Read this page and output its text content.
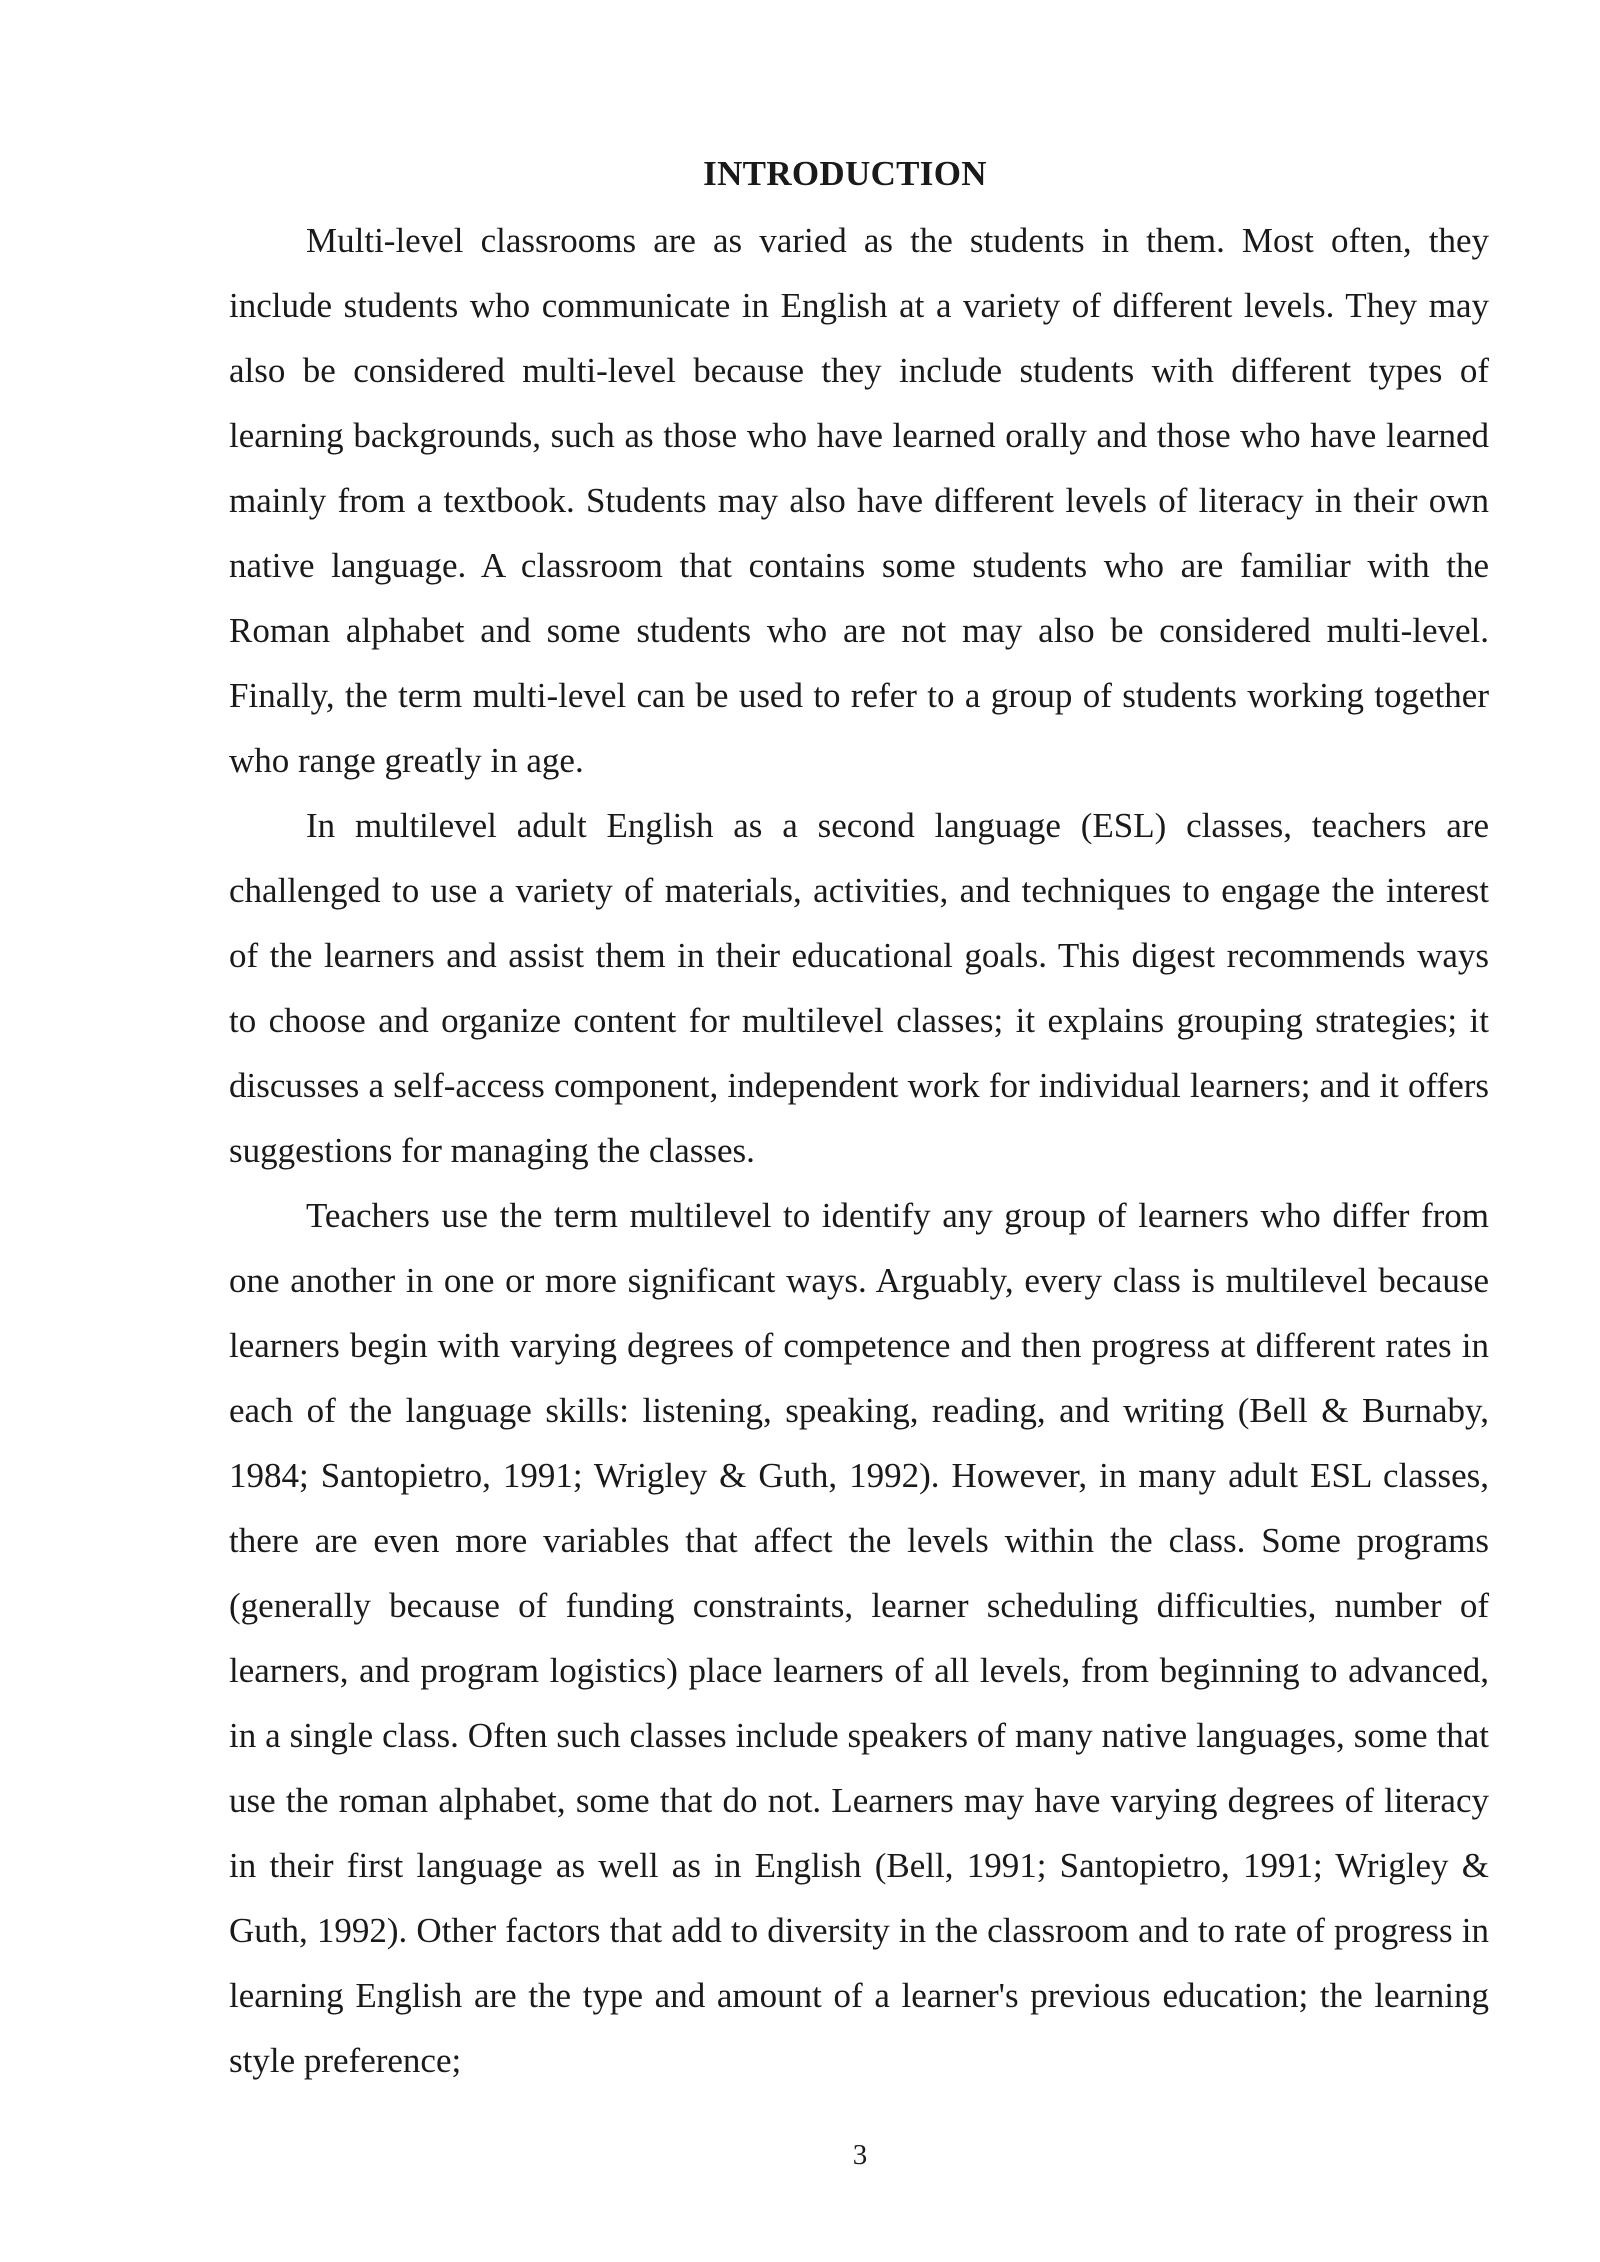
INTRODUCTION

Multi-level classrooms are as varied as the students in them. Most often, they include students who communicate in English at a variety of different levels. They may also be considered multi-level because they include students with different types of learning backgrounds, such as those who have learned orally and those who have learned mainly from a textbook. Students may also have different levels of literacy in their own native language. A classroom that contains some students who are familiar with the Roman alphabet and some students who are not may also be considered multi-level. Finally, the term multi-level can be used to refer to a group of students working together who range greatly in age.

In multilevel adult English as a second language (ESL) classes, teachers are challenged to use a variety of materials, activities, and techniques to engage the interest of the learners and assist them in their educational goals. This digest recommends ways to choose and organize content for multilevel classes; it explains grouping strategies; it discusses a self-access component, independent work for individual learners; and it offers suggestions for managing the classes.

Teachers use the term multilevel to identify any group of learners who differ from one another in one or more significant ways. Arguably, every class is multilevel because learners begin with varying degrees of competence and then progress at different rates in each of the language skills: listening, speaking, reading, and writing (Bell & Burnaby, 1984; Santopietro, 1991; Wrigley & Guth, 1992). However, in many adult ESL classes, there are even more variables that affect the levels within the class. Some programs (generally because of funding constraints, learner scheduling difficulties, number of learners, and program logistics) place learners of all levels, from beginning to advanced, in a single class. Often such classes include speakers of many native languages, some that use the roman alphabet, some that do not. Learners may have varying degrees of literacy in their first language as well as in English (Bell, 1991; Santopietro, 1991; Wrigley & Guth, 1992). Other factors that add to diversity in the classroom and to rate of progress in learning English are the type and amount of a learner's previous education; the learning style preference;

3
